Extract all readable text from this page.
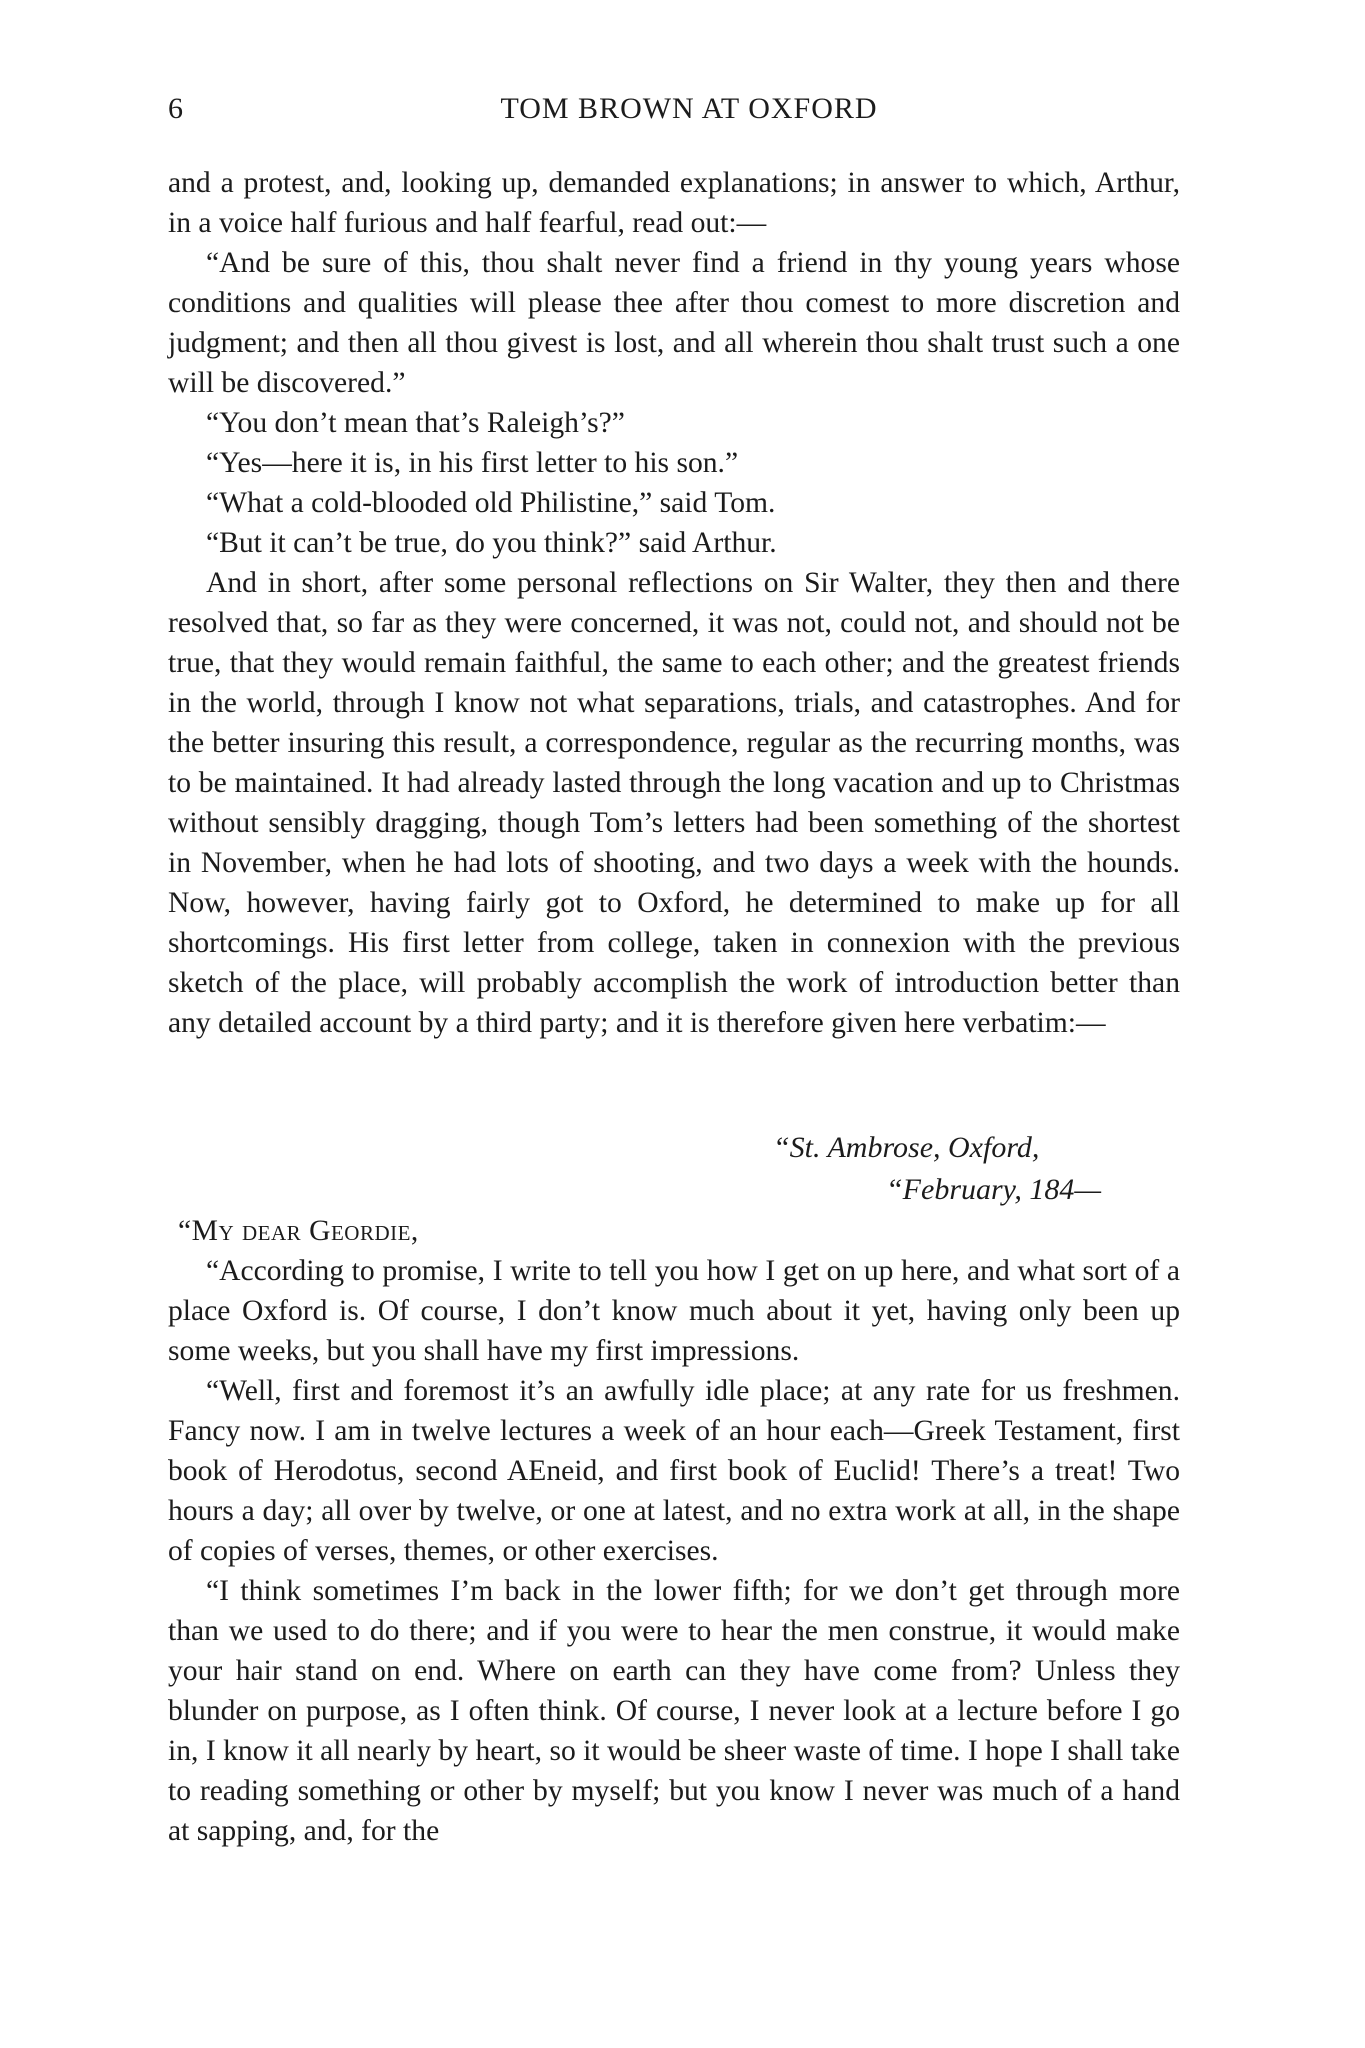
6	TOM BROWN AT OXFORD

and a protest, and, looking up, demanded explanations; in answer to which, Arthur, in a voice half furious and half fearful, read out:—

“And be sure of this, thou shalt never find a friend in thy young years whose conditions and qualities will please thee after thou comest to more discretion and judgment; and then all thou givest is lost, and all wherein thou shalt trust such a one will be discovered.”

“You don’t mean that’s Raleigh’s?”

“Yes—here it is, in his first letter to his son.”

“What a cold-blooded old Philistine,” said Tom.

“But it can’t be true, do you think?” said Arthur.

And in short, after some personal reflections on Sir Walter, they then and there resolved that, so far as they were concerned, it was not, could not, and should not be true, that they would remain faithful, the same to each other; and the greatest friends in the world, through I know not what separations, trials, and catastrophes. And for the better insuring this result, a correspondence, regular as the recurring months, was to be maintained. It had already lasted through the long vacation and up to Christmas without sensibly dragging, though Tom’s letters had been something of the shortest in November, when he had lots of shooting, and two days a week with the hounds. Now, however, having fairly got to Oxford, he determined to make up for all shortcomings. His first letter from college, taken in connexion with the previous sketch of the place, will probably accomplish the work of introduction better than any detailed account by a third party; and it is therefore given here verbatim:—

“St. Ambrose, Oxford,

“February, 184—

“My dear Geordie,

“According to promise, I write to tell you how I get on up here, and what sort of a place Oxford is. Of course, I don’t know much about it yet, having only been up some weeks, but you shall have my first impressions.

“Well, first and foremost it’s an awfully idle place; at any rate for us freshmen. Fancy now. I am in twelve lectures a week of an hour each—Greek Testament, first book of Herodotus, second AEneid, and first book of Euclid! There’s a treat! Two hours a day; all over by twelve, or one at latest, and no extra work at all, in the shape of copies of verses, themes, or other exercises.

“I think sometimes I’m back in the lower fifth; for we don’t get through more than we used to do there; and if you were to hear the men construe, it would make your hair stand on end. Where on earth can they have come from? Unless they blunder on purpose, as I often think. Of course, I never look at a lecture before I go in, I know it all nearly by heart, so it would be sheer waste of time. I hope I shall take to reading something or other by myself; but you know I never was much of a hand at sapping, and, for the
